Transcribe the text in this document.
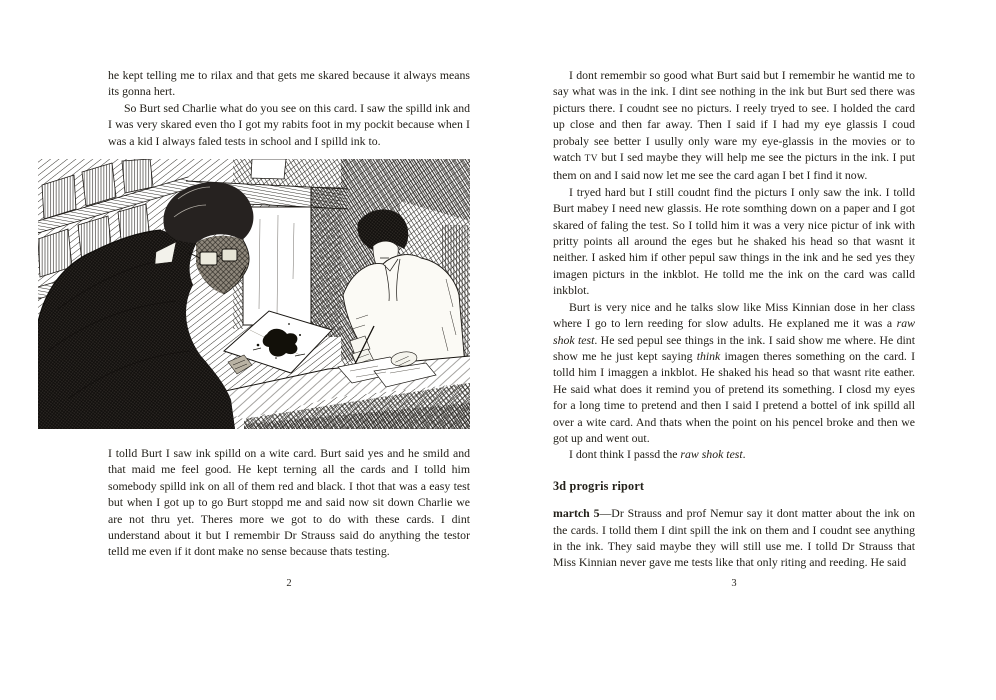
he kept telling me to rilax and that gets me skared because it always means its gonna hert.

So Burt sed Charlie what do you see on this card. I saw the spilld ink and I was very skared even tho I got my rabits foot in my pockit because when I was a kid I always faled tests in school and I spilld ink to.

I tolld Burt I saw ink spilld on a wite card. Burt said yes and he smild and that maid me feel good. He kept terning all the cards and I tolld him somebody spilld ink on all of them red and black. I thot that was a easy test but when I got up to go Burt stoppd me and said now sit down Charlie we are not thru yet. Theres more we got to do with these cards. I dint understand about it but I remembir Dr Strauss said do anything the testor telld me even if it dont make no sense because thats testing.

I dont remembir so good what Burt said but I remembir he wantid me to say what was in the ink. I dint see nothing in the ink but Burt sed there was picturs there. I coudnt see no picturs. I reely tryed to see. I holded the card up close and then far away. Then I said if I had my eye glassis I coud probaly see better I usully only ware my eye-glassis in the movies or to watch TV but I sed maybe they will help me see the picturs in the ink. I put them on and I said now let me see the card agan I bet I find it now.

I tryed hard but I still coudnt find the picturs I only saw the ink. I tolld Burt mabey I need new glassis. He rote somthing down on a paper and I got skared of faling the test. So I tolld him it was a very nice pictur of ink with pritty points all around the eges but he shaked his head so that wasnt it neither. I asked him if other pepul saw things in the ink and he sed yes they imagen picturs in the inkblot. He tolld me the ink on the card was calld inkblot.

Burt is very nice and he talks slow like Miss Kinnian dose in her class where I go to lern reeding for slow adults. He explaned me it was a raw shok test. He sed pepul see things in the ink. I said show me where. He dint show me he just kept saying think imagen theres something on the card. I tolld him I imaggen a inkblot. He shaked his head so that wasnt rite eather. He said what does it remind you of pretend its something. I closd my eyes for a long time to pretend and then I said I pretend a bottel of ink spilld all over a wite card. And thats when the point on his pencel broke and then we got up and went out.

I dont think I passd the raw shok test.

3d progris riport

martch 5—Dr Strauss and prof Nemur say it dont matter about the ink on the cards. I tolld them I dint spill the ink on them and I coudnt see anything in the ink. They said maybe they will still use me. I tolld Dr Strauss that Miss Kinnian never gave me tests like that only riting and reeding. He said

2	3
